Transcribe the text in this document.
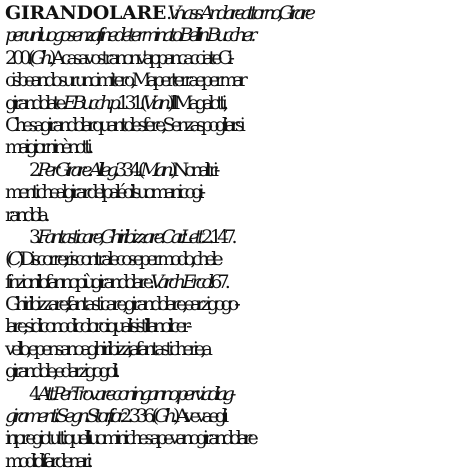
GIRANDOLARE. V. n. ass. Andare attorno, Girare
per un luogo senza fine determinato. Bellin. Buccher.
200. (Gh.) A casa vostra non v'appancacciate Ci-
cisbeando sur un cimitero, Ma per terra e per mar
girandolate. E Bucch. p. 131. (Vian.) Il Magalotti,
Che sa girandolar quanto le sfere, Senza spogliarsi
mai giorni nè notti.
2. Per Girare. Alleg. 334. (Man.) Non altri-
menti che al girar del paléo il suo manico gi-
randola.
3. Fantasticare, Ghiribizzare. Car. Lett. 2. 147.
(C) Discorre, riscontra le cose per modo, che le
finzioni lo fanno più girandolare. Varch. Ercol. 67.
Ghiribizzare, fantasticare, girandolare, e arzigogo-
lare, si dicono di coloro i quali si stillano il cer-
vello, e pensano a ghiribizzi, a fantasticherie, a
girandole, ed arzigogoli.
4. Att. Per Trovare con inganno, per via di ag-
giramenti. Segn. Stor. fior. 2. 336. (Gh.) Aveva egli
in pregio tutti quelli uomini che sapevano girandolare
modi di far denari.
